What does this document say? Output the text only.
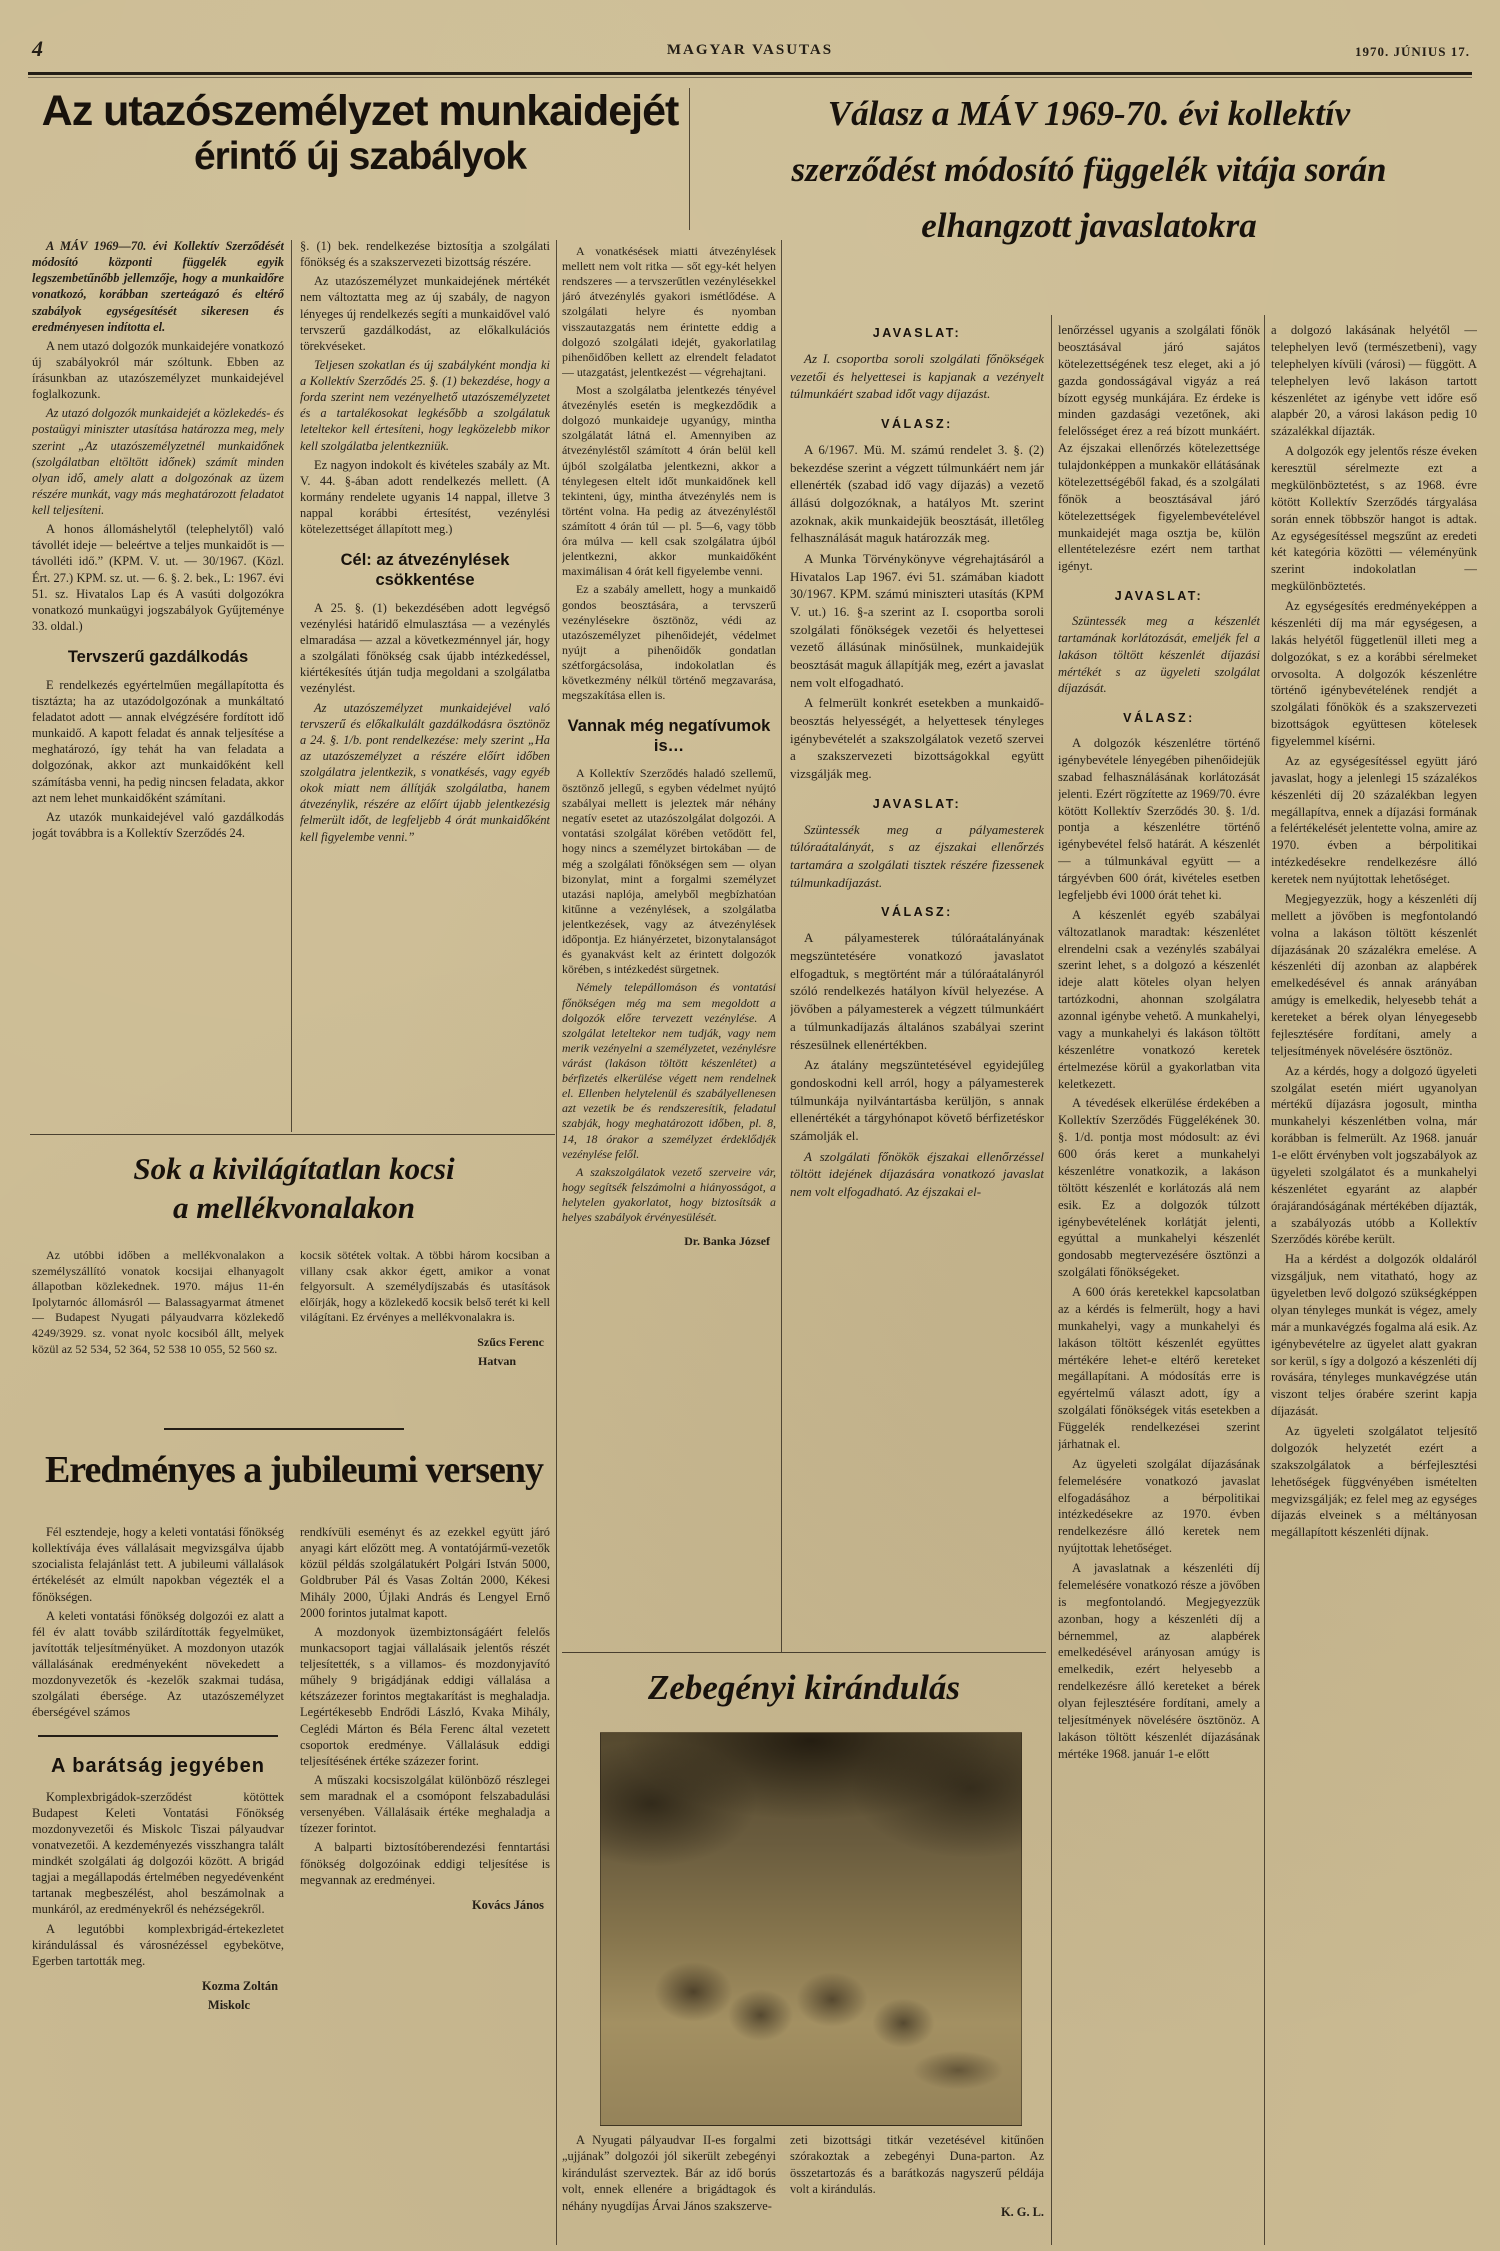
4	MAGYAR VASUTAS	1970. JÚNIUS 17.
Az utazószemélyzet munkaidejét
érintő új szabályok
Válasz a MÁV 1969-70. évi kollektív
szerződést módosító függelék vitája során
elhangzott javaslatokra

A MÁV 1969—70. évi Kollektív Szerződését módosító központi függelék egyik legszembetűnőbb jellemzője, hogy a munkaidőre vonatkozó, korábban szerteágazó és eltérő szabályok egységesítését sikeresen és eredményesen indította el.

A nem utazó dolgozók munkaidejére vonatkozó új szabályokról már szóltunk. Ebben az írásunkban az utazószemélyzet munkaidejével foglalkozunk.

Az utazó dolgozók munkaidejét a közlekedés- és postaügyi miniszter utasítása határozza meg, mely szerint „Az utazószemélyzetnél munkaidőnek (szolgálatban eltöltött időnek) számít minden olyan idő, amely alatt a dolgozónak az üzem részére munkát, vagy más meghatározott feladatot kell teljesíteni.

A honos állomáshelytől (telephelytől) való távollét ideje — beleértve a teljes munkaidőt is — távolléti idő.” (KPM. V. ut. — 30/1967. (Közl. Ért. 27.) KPM. sz. ut. — 6. §. 2. bek., L: 1967. évi 51. sz. Hivatalos Lap és A vasúti dolgozókra vonatkozó munkaügyi jogszabályok Gyűjteménye 33. oldal.)

Tervszerű gazdálkodás

E rendelkezés egyértelműen megállapította és tisztázta; ha az utazódolgozónak a munkáltató feladatot adott — annak elvégzésére fordított idő munkaidő. A kapott feladat és annak teljesítése a meghatározó, így tehát ha van feladata a dolgozónak, akkor azt munkaidőként kell számításba venni, ha pedig nincsen feladata, akkor azt nem lehet munkaidőként számítani.

Az utazók munkaidejével való gazdálkodás jogát továbbra is a Kollektív Szerződés 24.

§. (1) bek. rendelkezése biztosítja a szolgálati főnökség és a szakszervezeti bizottság részére.

Az utazószemélyzet munkaidejének mértékét nem változtatta meg az új szabály, de nagyon lényeges új rendelkezés segíti a munkaidővel való tervszerű gazdálkodást, az előkalkulációs törekvéseket.

Teljesen szokatlan és új szabályként mondja ki a Kollektív Szerződés 25. §. (1) bekezdése, hogy a forda szerint nem vezényelhető utazószemélyzetet és a tartalékosokat legkésőbb a szolgálatuk leteltekor kell értesíteni, hogy legközelebb mikor kell szolgálatba jelentkezniük.

Ez nagyon indokolt és kivételes szabály az Mt. V. 44. §-ában adott rendelkezés mellett. (A kormány rendelete ugyanis 14 nappal, illetve 3 nappal korábbi értesítést, vezénylési kötelezettséget állapított meg.)

Cél: az átvezénylések csökkentése

A 25. §. (1) bekezdésében adott legvégső vezénylési határidő elmulasztása — a vezénylés elmaradása — azzal a következménnyel jár, hogy a szolgálati főnökség csak újabb intézkedéssel, kiértékesítés útján tudja megoldani a szolgálatba vezénylést.

Az utazószemélyzet munkaidejével való tervszerű és előkalkulált gazdálkodásra ösztönöz a 24. §. 1/b. pont rendelkezése: mely szerint „Ha az utazószemélyzet a részére előírt időben szolgálatra jelentkezik, s vonatkésés, vagy egyéb okok miatt nem állítják szolgálatba, hanem átvezénylik, részére az előírt újabb jelentkezésig felmerült időt, de legfeljebb 4 órát munkaidőként kell figyelembe venni.”

A vonatkésések miatti átvezénylések mellett nem volt ritka — sőt egy-két helyen rendszeres — a tervszerűtlen vezénylésekkel járó átvezénylés gyakori ismétlődése. A szolgálati helyre és nyomban visszautazgatás nem érintette eddig a dolgozó szolgálati idejét, gyakorlatilag pihenőidőben kellett az elrendelt feladatot — utazgatást, jelentkezést — végrehajtani.

Most a szolgálatba jelentkezés tényével átvezénylés esetén is megkezdődik a dolgozó munkaideje ugyanúgy, mintha szolgálatát látná el. Amennyiben az átvezényléstől számított 4 órán belül kell újból szolgálatba jelentkezni, akkor a ténylegesen eltelt időt munkaidőnek kell tekinteni, úgy, mintha átvezénylés nem is történt volna. Ha pedig az átvezényléstől számított 4 órán túl — pl. 5—6, vagy több óra múlva — kell csak szolgálatra újból jelentkezni, akkor munkaidőként maximálisan 4 órát kell figyelembe venni.

Ez a szabály amellett, hogy a munkaidő gondos beosztására, a tervszerű vezénylésekre ösztönöz, védi az utazószemélyzet pihenőidejét, védelmet nyújt a pihenőidők gondatlan szétforgácsolása, indokolatlan és következmény nélkül történő megzavarása, megszakítása ellen is.

Vannak még negatívumok is…

A Kollektív Szerződés haladó szellemű, ösztönző jellegű, s egyben védelmet nyújtó szabályai mellett is jeleztek már néhány negatív esetet az utazószolgálat dolgozói. A vontatási szolgálat körében vetődött fel, hogy nincs a személyzet birtokában — de még a szolgálati főnökségen sem — olyan bizonylat, mint a forgalmi személyzet utazási naplója, amelyből megbízhatóan kitűnne a vezénylések, a szolgálatba jelentkezések, vagy az átvezénylések időpontja. Ez hiányérzetet, bizonytalanságot és gyanakvást kelt az érintett dolgozók körében, s intézkedést sürgetnek.

Némely telepállomáson és vontatási főnökségen még ma sem megoldott a dolgozók előre tervezett vezénylése. A szolgálat leteltekor nem tudják, vagy nem merik vezényelni a személyzetet, vezénylésre várást (lakáson töltött készenlétet) a bérfizetés elkerülése végett nem rendelnek el. Ellenben helytelenül és szabályellenesen azt vezetik be és rendszeresítik, feladatul szabják, hogy meghatározott időben, pl. 8, 14, 18 órakor a személyzet érdeklődjék vezénylése felől.

A szakszolgálatok vezető szerveire vár, hogy segítsék felszámolni a hiányosságot, a helytelen gyakorlatot, hogy biztosítsák a helyes szabályok érvényesülését.

Dr. Banka József

Sok a kivilágítatlan kocsi
a mellékvonalakon

Az utóbbi időben a mellékvonalakon a személyszállító vonatok kocsijai elhanyagolt állapotban közlekednek. 1970. május 11-én Ipolytarnóc állomásról — Balassagyarmat átmenet — Budapest Nyugati pályaudvarra közlekedő 4249/3929. sz. vonat nyolc kocsiból állt, melyek közül az 52 534, 52 364, 52 538 10 055, 52 560 sz.

kocsik sötétek voltak. A többi három kocsiban a villany csak akkor égett, amikor a vonat felgyorsult. A személydíjszabás és utasítások előírják, hogy a közlekedő kocsik belső terét ki kell világítani. Ez érvényes a mellékvonalakra is.

Szűcs Ferenc

Hatvan

Eredményes a jubileumi verseny

Fél esztendeje, hogy a keleti vontatási főnökség kollektívája éves vállalásait megvizsgálva újabb szocialista felajánlást tett. A jubileumi vállalások értékelését az elmúlt napokban végezték el a főnökségen.

A keleti vontatási főnökség dolgozói ez alatt a fél év alatt tovább szilárdították fegyelmüket, javították teljesítményüket. A mozdonyon utazók vállalásának eredményeként növekedett a mozdonyvezetők és -kezelők szakmai tudása, szolgálati ébersége. Az utazószemélyzet éberségével számos

A barátság jegyében

Komplexbrigádok-szerződést kötöttek Budapest Keleti Vontatási Főnökség mozdonyvezetői és Miskolc Tiszai pályaudvar vonatvezetői. A kezdeményezés visszhangra talált mindkét szolgálati ág dolgozói között. A brigád tagjai a megállapodás értelmében negyedévenként tartanak megbeszélést, ahol beszámolnak a munkáról, az eredményekről és nehézségekről.

A legutóbbi komplexbrigád-értekezletet kirándulással és városnézéssel egybekötve, Egerben tartották meg.

Kozma Zoltán

Miskolc

rendkívüli eseményt és az ezekkel együtt járó anyagi kárt előzött meg. A vontatójármű-vezetők közül példás szolgálatukért Polgári István 5000, Goldbruber Pál és Vasas Zoltán 2000, Kékesi Mihály 2000, Újlaki András és Lengyel Ernő 2000 forintos jutalmat kapott.

A mozdonyok üzembiztonságáért felelős munkacsoport tagjai vállalásaik jelentős részét teljesítették, s a villamos- és mozdonyjavító műhely 9 brigádjának eddigi vállalása a kétszázezer forintos megtakarítást is meghaladja. Legértékesebb Endrődi László, Kvaka Mihály, Ceglédi Márton és Béla Ferenc által vezetett csoportok eredménye. Vállalásuk eddigi teljesítésének értéke százezer forint.

A műszaki kocsiszolgálat különböző részlegei sem maradnak el a csomópont felszabadulási versenyében. Vállalásaik értéke meghaladja a tízezer forintot.

A balparti biztosítóberendezési fenntartási főnökség dolgozóinak eddigi teljesítése is megvannak az eredményei.

Kovács János

JAVASLAT:

Az I. csoportba soroli szolgálati főnökségek vezetői és helyettesei is kapjanak a vezényelt túlmunkáért szabad időt vagy díjazást.

VÁLASZ:

A 6/1967. Mü. M. számú rendelet 3. §. (2) bekezdése szerint a végzett túlmunkáért nem jár ellenérték (szabad idő vagy díjazás) a vezető állású dolgozóknak, a hatályos Mt. szerint azoknak, akik munkaidejük beosztását, illetőleg felhasználását maguk határozzák meg.

A Munka Törvénykönyve végrehajtásáról a Hivatalos Lap 1967. évi 51. számában kiadott 30/1967. KPM. számú miniszteri utasítás (KPM V. ut.) 16. §-a szerint az I. csoportba soroli szolgálati főnökségek vezetői és helyettesei vezető állásúnak minősülnek, munkaidejük beosztását maguk állapítják meg, ezért a javaslat nem volt elfogadható.

A felmerült konkrét esetekben a munkaidő-beosztás helyességét, a helyettesek tényleges igénybevételét a szakszolgálatok vezető szervei a szakszervezeti bizottságokkal együtt vizsgálják meg.

JAVASLAT:

Szüntessék meg a pályamesterek túlóraátalányát, s az éjszakai ellenőrzés tartamára a szolgálati tisztek részére fizessenek túlmunkadíjazást.

VÁLASZ:

A pályamesterek túlóraátalányának megszüntetésére vonatkozó javaslatot elfogadtuk, s megtörtént már a túlóraátalányról szóló rendelkezés hatályon kívül helyezése. A jövőben a pályamesterek a végzett túlmunkáért a túlmunkadíjazás általános szabályai szerint részesülnek ellenértékben.

Az átalány megszüntetésével egyidejűleg gondoskodni kell arról, hogy a pályamesterek túlmunkája nyilvántartásba kerüljön, s annak ellenértékét a tárgyhónapot követő bérfizetéskor számolják el.

A szolgálati főnökök éjszakai ellenőrzéssel töltött idejének díjazására vonatkozó javaslat nem volt elfogadható. Az éjszakai el-

lenőrzéssel ugyanis a szolgálati főnök beosztásával járó sajátos kötelezettségének tesz eleget, aki a jó gazda gondosságával vigyáz a reá bízott egység munkájára. Ez érdeke is minden gazdasági vezetőnek, aki felelősséget érez a reá bízott munkáért. Az éjszakai ellenőrzés kötelezettsége tulajdonképpen a munkakör ellátásának kötelezettségéből fakad, és a szolgálati főnök a beosztásával járó kötelezettségek figyelembevételével munkaidejét maga osztja be, külön ellentételezésre ezért nem tarthat igényt.

JAVASLAT:

Szüntessék meg a készenlét tartamának korlátozását, emeljék fel a lakáson töltött készenlét díjazási mértékét s az ügyeleti szolgálat díjazását.

VÁLASZ:

A dolgozók készenlétre történő igénybevétele lényegében pihenőidejük szabad felhasználásának korlátozását jelenti. Ezért rögzítette az 1969/70. évre kötött Kollektív Szerződés 30. §. 1/d. pontja a készenlétre történő igénybevétel felső határát. A készenlét — a túlmunkával együtt — a tárgyévben 600 órát, kivételes esetben legfeljebb évi 1000 órát tehet ki.

A készenlét egyéb szabályai változatlanok maradtak: készenlétet elrendelni csak a vezénylés szabályai szerint lehet, s a dolgozó a készenlét ideje alatt köteles olyan helyen tartózkodni, ahonnan szolgálatra azonnal igénybe vehető. A munkahelyi, vagy a munkahelyi és lakáson töltött készenlétre vonatkozó keretek értelmezése körül a gyakorlatban vita keletkezett.

A tévedések elkerülése érdekében a Kollektív Szerződés Függelékének 30. §. 1/d. pontja most módosult: az évi 600 órás keret a munkahelyi készenlétre vonatkozik, a lakáson töltött készenlét e korlátozás alá nem esik. Ez a dolgozók túlzott igénybevételének korlátját jelenti, egyúttal a munkahelyi készenlét gondosabb megtervezésére ösztönzi a szolgálati főnökségeket.

A 600 órás keretekkel kapcsolatban az a kérdés is felmerült, hogy a havi munkahelyi, vagy a munkahelyi és lakáson töltött készenlét együttes mértékére lehet-e eltérő kereteket megállapítani. A módosítás erre is egyértelmű választ adott, így a szolgálati főnökségek vitás esetekben a Függelék rendelkezései szerint járhatnak el.

Az ügyeleti szolgálat díjazásának felemelésére vonatkozó javaslat elfogadásához a bérpolitikai intézkedésekre az 1970. évben rendelkezésre álló keretek nem nyújtottak lehetőséget.

A javaslatnak a készenléti díj felemelésére vonatkozó része a jövőben is megfontolandó. Megjegyezzük azonban, hogy a készenléti díj a bérnemmel, az alapbérek emelkedésével arányosan amúgy is emelkedik, ezért helyesebb a rendelkezésre álló kereteket a bérek olyan fejlesztésére fordítani, amely a teljesítmények növelésére ösztönöz. A lakáson töltött készenlét díjazásának mértéke 1968. január 1-e előtt

a dolgozó lakásának helyétől — telephelyen levő (természetbeni), vagy telephelyen kívüli (városi) — függött. A telephelyen levő lakáson tartott készenlétet az igénybe vett időre eső alapbér 20, a városi lakáson pedig 10 százalékkal díjazták.

A dolgozók egy jelentős része éveken keresztül sérelmezte ezt a megkülönböztetést, s az 1968. évre kötött Kollektív Szerződés tárgyalása során ennek többször hangot is adtak. Az egységesítéssel megszűnt az eredeti két kategória közötti — véleményünk szerint indokolatlan — megkülönböztetés.

Az egységesítés eredményeképpen a készenléti díj ma már egységesen, a lakás helyétől függetlenül illeti meg a dolgozókat, s ez a korábbi sérelmeket orvosolta. A dolgozók készenlétre történő igénybevételének rendjét a szolgálati főnökök és a szakszervezeti bizottságok együttesen kötelesek figyelemmel kísérni.

Az az egységesítéssel együtt járó javaslat, hogy a jelenlegi 15 százalékos készenléti díj 20 százalékban legyen megállapítva, ennek a díjazási formának a felértékelését jelentette volna, amire az 1970. évben a bérpolitikai intézkedésekre rendelkezésre álló keretek nem nyújtottak lehetőséget.

Megjegyezzük, hogy a készenléti díj mellett a jövőben is megfontolandó volna a lakáson töltött készenlét díjazásának 20 százalékra emelése. A készenléti díj azonban az alapbérek emelkedésével és annak arányában amúgy is emelkedik, helyesebb tehát a kereteket a bérek olyan lényegesebb fejlesztésére fordítani, amely a teljesítmények növelésére ösztönöz.

Az a kérdés, hogy a dolgozó ügyeleti szolgálat esetén miért ugyanolyan mértékű díjazásra jogosult, mintha munkahelyi készenlétben volna, már korábban is felmerült. Az 1968. január 1-e előtt érvényben volt jogszabályok az ügyeleti szolgálatot és a munkahelyi készenlétet egyaránt az alapbér órajárandóságának mértékében díjazták, a szabályozás utóbb a Kollektív Szerződés körébe került.

Ha a kérdést a dolgozók oldaláról vizsgáljuk, nem vitatható, hogy az ügyeletben levő dolgozó szükségképpen olyan tényleges munkát is végez, amely már a munkavégzés fogalma alá esik. Az igénybevételre az ügyelet alatt gyakran sor kerül, s így a dolgozó a készenléti díj rovására, tényleges munkavégzése után viszont teljes órabére szerint kapja díjazását.

Az ügyeleti szolgálatot teljesítő dolgozók helyzetét ezért a szakszolgálatok a bérfejlesztési lehetőségek függvényében ismételten megvizsgálják; ez felel meg az egységes díjazás elveinek s a méltányosan megállapított készenléti díjnak.

Zebegényi kirándulás

A Nyugati pályaudvar II-es forgalmi „ujjának” dolgozói jól sikerült zebegényi kirándulást szerveztek. Bár az idő borús volt, ennek ellenére a brigádtagok és néhány nyugdíjas Árvai János szakszerve-

zeti bizottsági titkár vezetésével kitűnően szórakoztak a zebegényi Duna-parton. Az összetartozás és a barátkozás nagyszerű példája volt a kirándulás.

K. G. L.
